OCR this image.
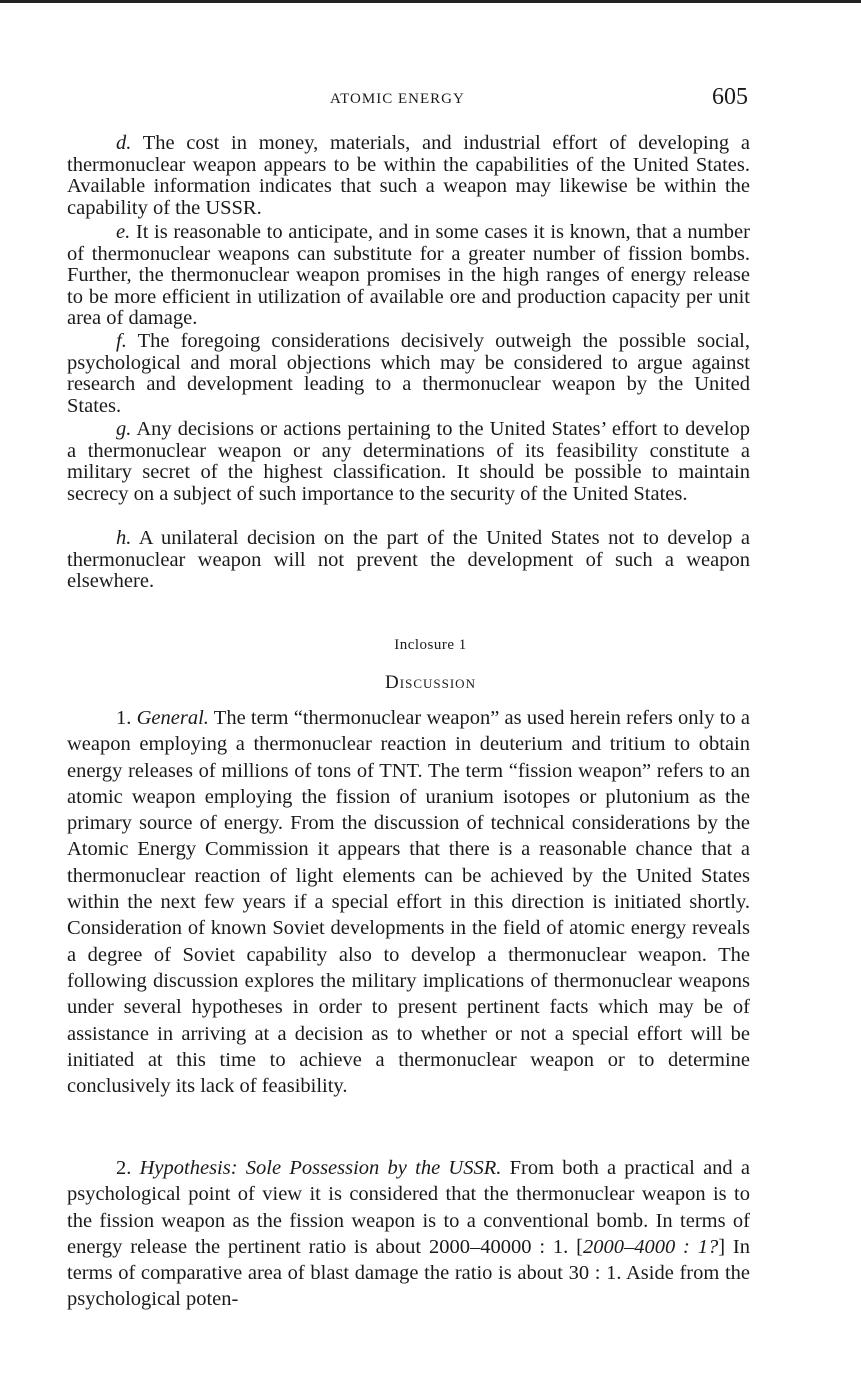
ATOMIC ENERGY	605

d. The cost in money, materials, and industrial effort of developing a thermonuclear weapon appears to be within the capabilities of the United States. Available information indicates that such a weapon may likewise be within the capability of the USSR.

e. It is reasonable to anticipate, and in some cases it is known, that a number of thermonuclear weapons can substitute for a greater number of fission bombs. Further, the thermonuclear weapon promises in the high ranges of energy release to be more efficient in utilization of available ore and production capacity per unit area of damage.

f. The foregoing considerations decisively outweigh the possible social, psychological and moral objections which may be considered to argue against research and development leading to a thermonuclear weapon by the United States.

g. Any decisions or actions pertaining to the United States’ effort to develop a thermonuclear weapon or any determinations of its feasibility constitute a military secret of the highest classification. It should be possible to maintain secrecy on a subject of such importance to the security of the United States.

h. A unilateral decision on the part of the United States not to develop a thermonuclear weapon will not prevent the development of such a weapon elsewhere.

Inclosure 1
Discussion

1. General. The term “thermonuclear weapon” as used herein refers only to a weapon employing a thermonuclear reaction in deuterium and tritium to obtain energy releases of millions of tons of TNT. The term “fission weapon” refers to an atomic weapon employing the fission of uranium isotopes or plutonium as the primary source of energy. From the discussion of technical considerations by the Atomic Energy Commission it appears that there is a reasonable chance that a thermonuclear reaction of light elements can be achieved by the United States within the next few years if a special effort in this direction is initiated shortly. Consideration of known Soviet developments in the field of atomic energy reveals a degree of Soviet capability also to develop a thermonuclear weapon. The following discussion explores the military implications of thermonuclear weapons under several hypotheses in order to present pertinent facts which may be of assistance in arriving at a decision as to whether or not a special effort will be initiated at this time to achieve a thermonuclear weapon or to determine conclusively its lack of feasibility.

2. Hypothesis: Sole Possession by the USSR. From both a practical and a psychological point of view it is considered that the thermonuclear weapon is to the fission weapon as the fission weapon is to a conventional bomb. In terms of energy release the pertinent ratio is about 2000–40000 : 1. [2000–4000 : 1?] In terms of comparative area of blast damage the ratio is about 30 : 1. Aside from the psychological poten-
